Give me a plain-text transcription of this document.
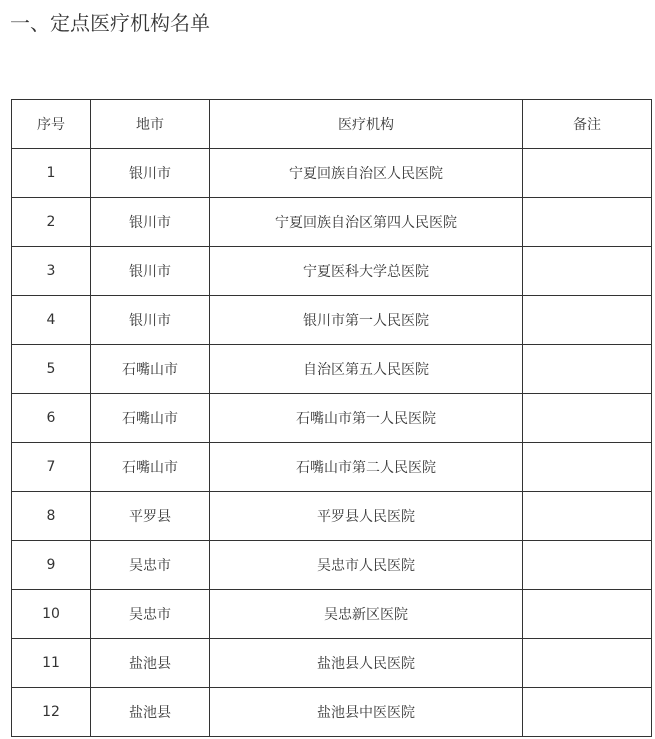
一、定点医疗机构名单
序号	地市	医疗机构	备注
1	银川市	宁夏回族自治区人民医院	
2	银川市	宁夏回族自治区第四人民医院	
3	银川市	宁夏医科大学总医院	
4	银川市	银川市第一人民医院	
5	石嘴山市	自治区第五人民医院	
6	石嘴山市	石嘴山市第一人民医院	
7	石嘴山市	石嘴山市第二人民医院	
8	平罗县	平罗县人民医院	
9	吴忠市	吴忠市人民医院	
10	吴忠市	吴忠新区医院	
11	盐池县	盐池县人民医院	
12	盐池县	盐池县中医医院	
